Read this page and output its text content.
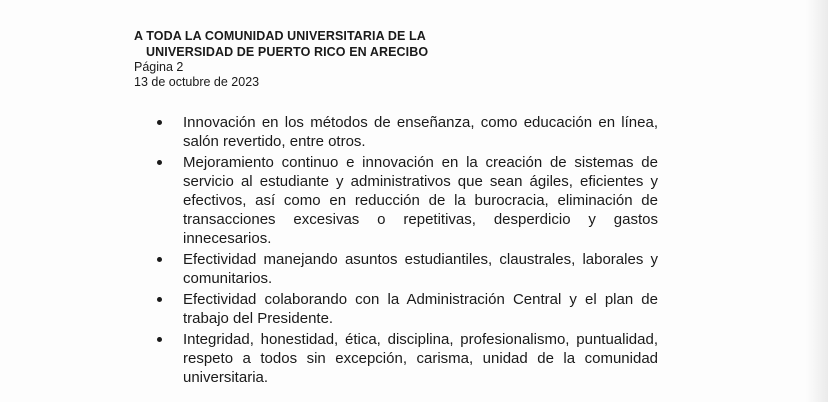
A TODA LA COMUNIDAD UNIVERSITARIA DE LA
UNIVERSIDAD DE PUERTO RICO EN ARECIBO
Página 2
13 de octubre de 2023
Innovación en los métodos de enseñanza, como educación en línea, salón revertido, entre otros.
Mejoramiento continuo e innovación en la creación de sistemas de servicio al estudiante y administrativos que sean ágiles, eficientes y efectivos, así como en reducción de la burocracia, eliminación de transacciones excesivas o repetitivas, desperdicio y gastos innecesarios.
Efectividad manejando asuntos estudiantiles, claustrales, laborales y comunitarios.
Efectividad colaborando con la Administración Central y el plan de trabajo del Presidente.
Integridad, honestidad, ética, disciplina, profesionalismo, puntualidad, respeto a todos sin excepción, carisma, unidad de la comunidad universitaria.
